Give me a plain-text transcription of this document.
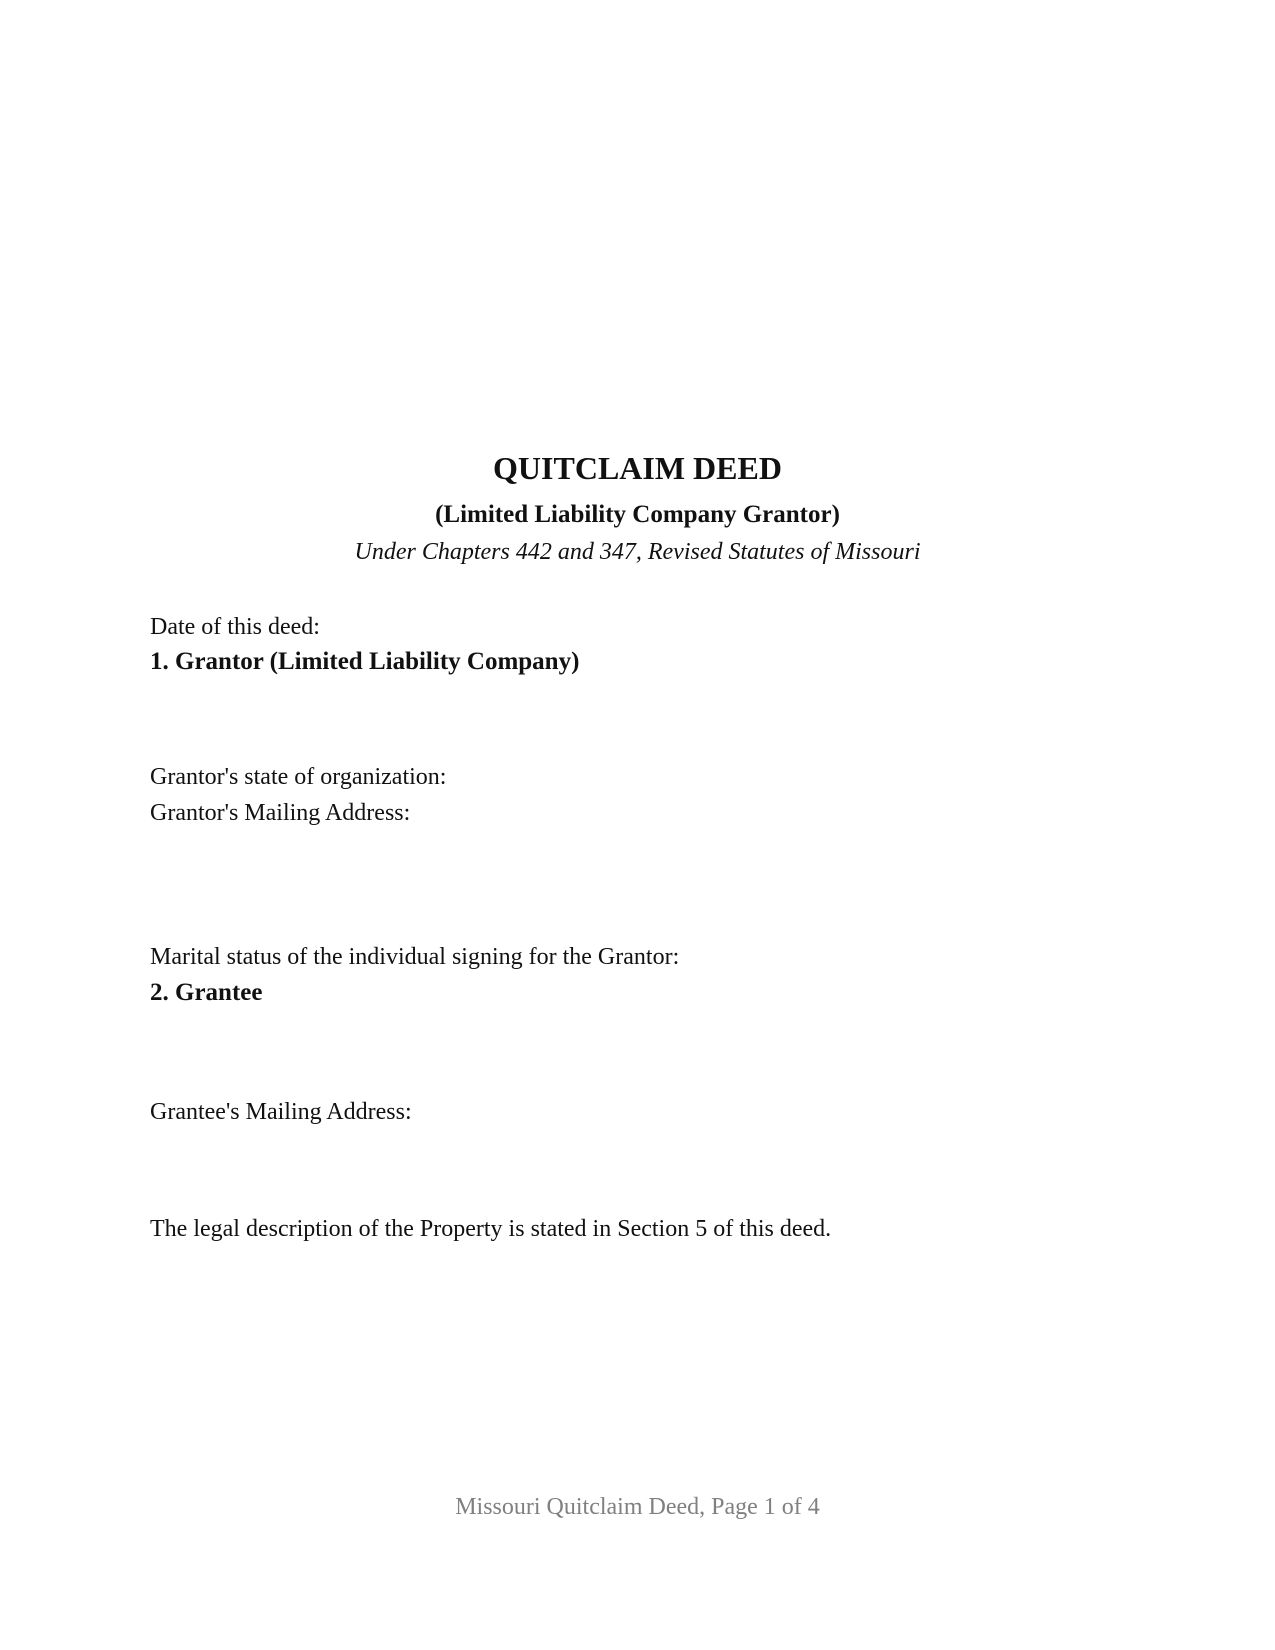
QUITCLAIM DEED
(Limited Liability Company Grantor)
Under Chapters 442 and 347, Revised Statutes of Missouri
Date of this deed:
1. Grantor (Limited Liability Company)
Grantor's state of organization:
Grantor's Mailing Address:
Marital status of the individual signing for the Grantor:
2. Grantee
Grantee's Mailing Address:
The legal description of the Property is stated in Section 5 of this deed.
Missouri Quitclaim Deed, Page 1 of 4
